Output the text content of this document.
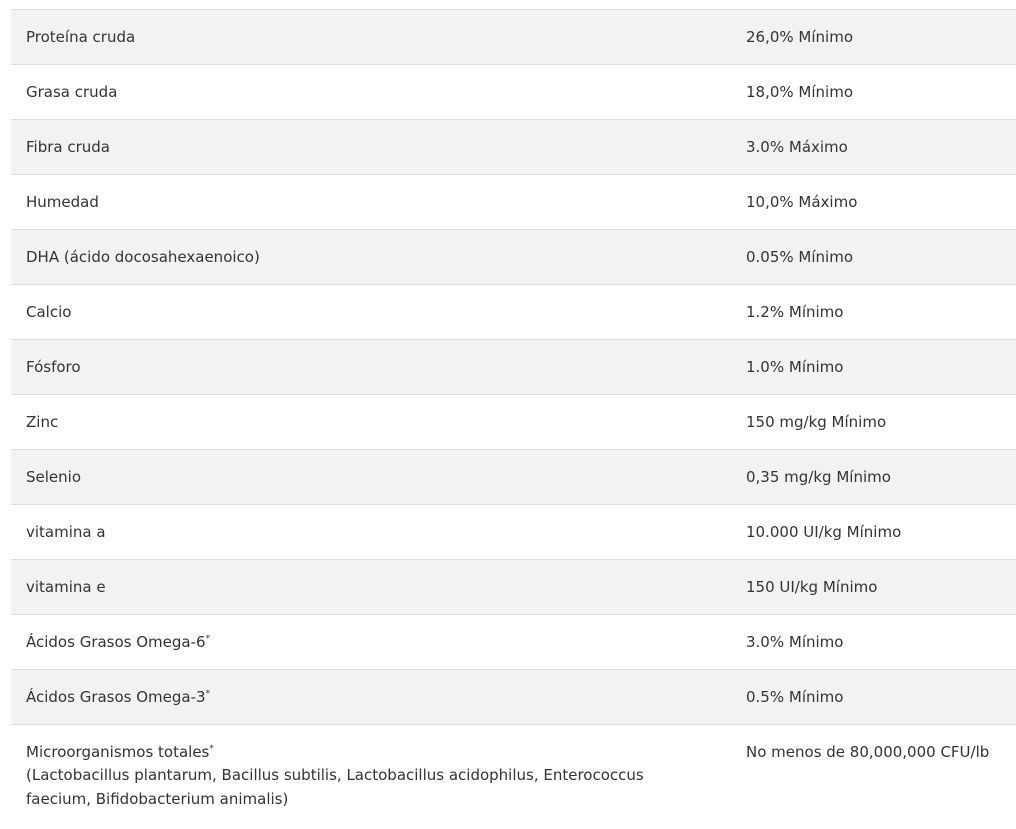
Proteína cruda	26,0% Mínimo
Grasa cruda	18,0% Mínimo
Fibra cruda	3.0% Máximo
Humedad	10,0% Máximo
DHA (ácido docosahexaenoico)	0.05% Mínimo
Calcio	1.2% Mínimo
Fósforo	1.0% Mínimo
Zinc	150 mg/kg Mínimo
Selenio	0,35 mg/kg Mínimo
vitamina a	10.000 UI/kg Mínimo
vitamina e	150 UI/kg Mínimo
Ácidos Grasos Omega-6*	3.0% Mínimo
Ácidos Grasos Omega-3*	0.5% Mínimo
Microorganismos totales*
(Lactobacillus plantarum, Bacillus subtilis, Lactobacillus acidophilus, Enterococcus faecium, Bifidobacterium animalis)	No menos de 80,000,000 CFU/lb
